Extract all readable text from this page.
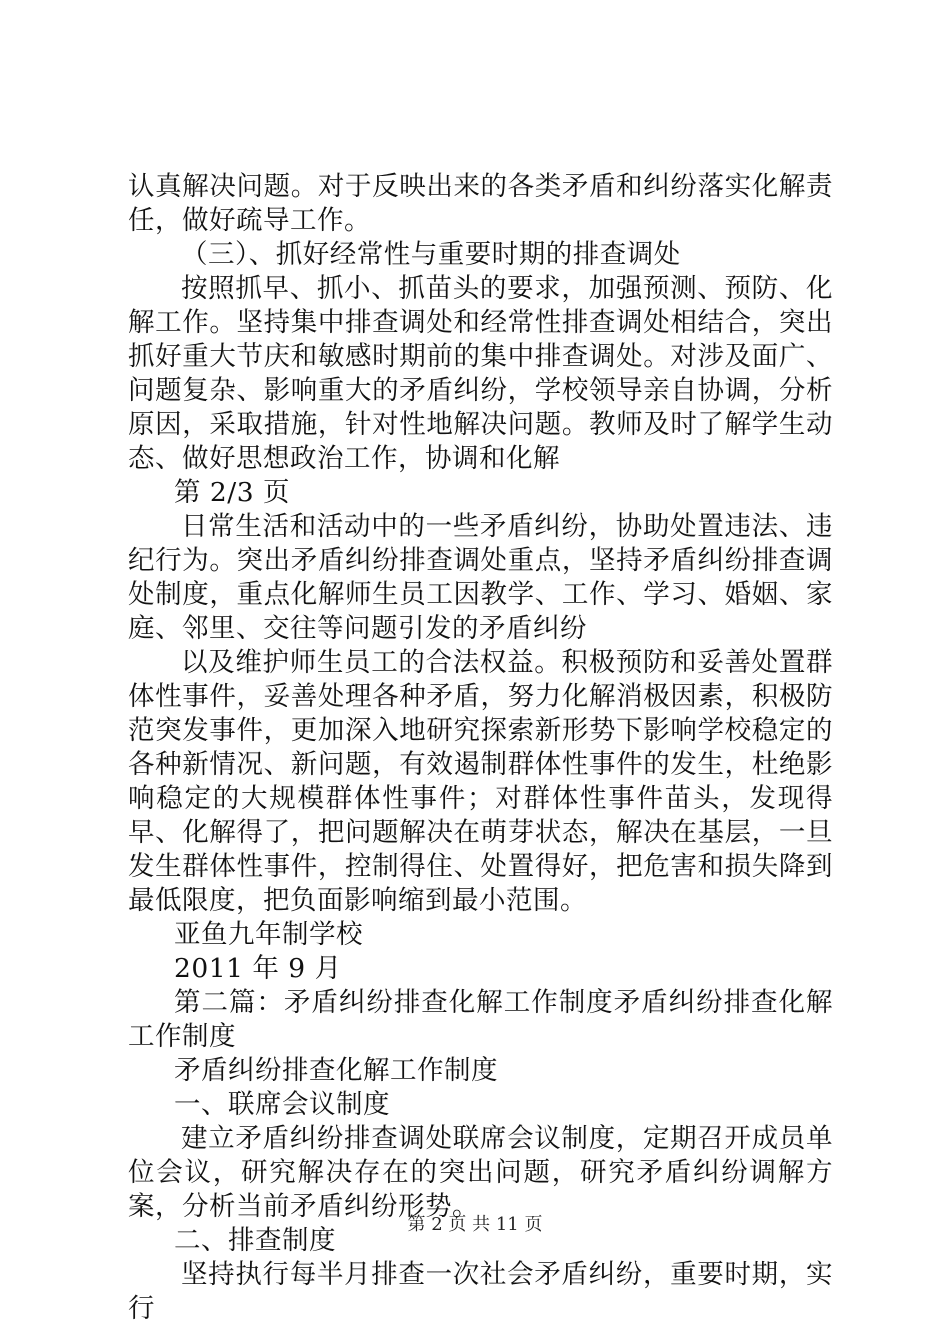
认真解决问题。对于反映出来的各类矛盾和纠纷落实化解责任，做好疏导工作。

（三）、抓好经常性与重要时期的排查调处

按照抓早、抓小、抓苗头的要求，加强预测、预防、化解工作。坚持集中排查调处和经常性排查调处相结合，突出抓好重大节庆和敏感时期前的集中排查调处。对涉及面广、问题复杂、影响重大的矛盾纠纷，学校领导亲自协调，分析原因，采取措施，针对性地解决问题。教师及时了解学生动态、做好思想政治工作，协调和化解

第 2/3 页

日常生活和活动中的一些矛盾纠纷，协助处置违法、违纪行为。突出矛盾纠纷排查调处重点，坚持矛盾纠纷排查调处制度，重点化解师生员工因教学、工作、学习、婚姻、家庭、邻里、交往等问题引发的矛盾纠纷

以及维护师生员工的合法权益。积极预防和妥善处置群体性事件，妥善处理各种矛盾，努力化解消极因素，积极防范突发事件，更加深入地研究探索新形势下影响学校稳定的各种新情况、新问题，有效遏制群体性事件的发生，杜绝影响稳定的大规模群体性事件；对群体性事件苗头，发现得早、化解得了，把问题解决在萌芽状态，解决在基层，一旦发生群体性事件，控制得住、处置得好，把危害和损失降到最低限度，把负面影响缩到最小范围。

亚鱼九年制学校

2011 年 9 月

第二篇：矛盾纠纷排查化解工作制度矛盾纠纷排查化解工作制度

矛盾纠纷排查化解工作制度

一、联席会议制度

建立矛盾纠纷排查调处联席会议制度，定期召开成员单位会议，研究解决存在的突出问题，研究矛盾纠纷调解方案，分析当前矛盾纠纷形势。

二、排查制度

坚持执行每半月排查一次社会矛盾纠纷，重要时期，实行

第 2 页 共 11 页
